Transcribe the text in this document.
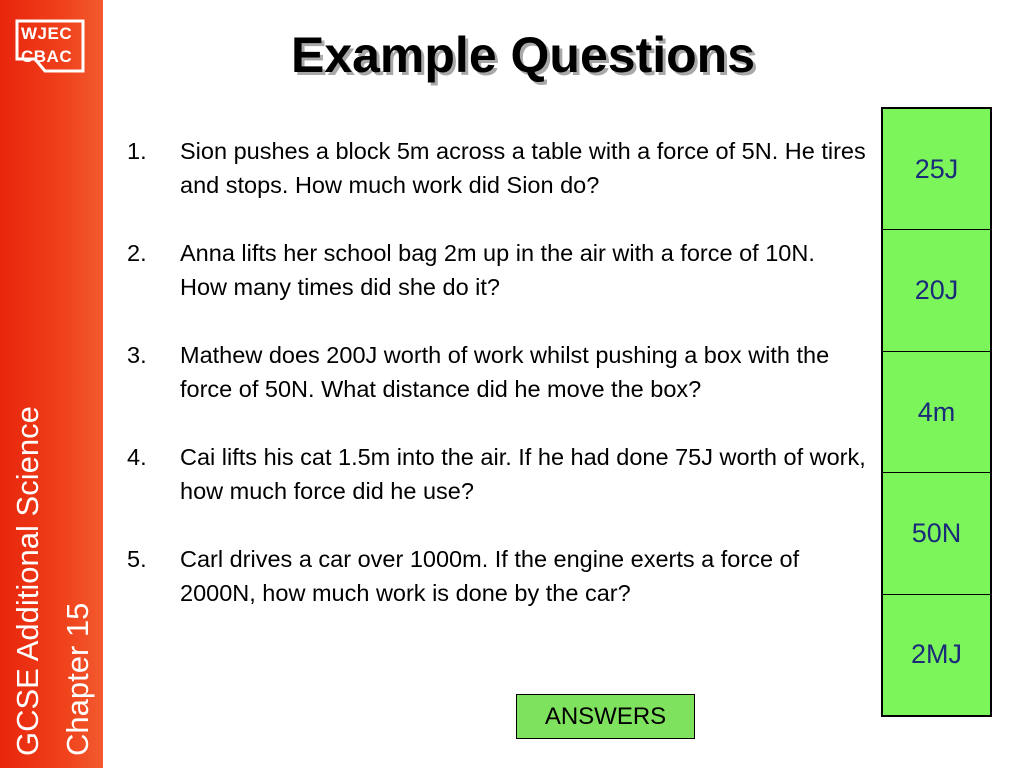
WJEC
CBAC
GCSE Additional Science Chapter 15
Example Questions
1. Sion pushes a block 5m across a table with a force of 5N. He tires and stops. How much work did Sion do?
2. Anna lifts her school bag 2m up in the air with a force of 10N. How many times did she do it?
3. Mathew does 200J worth of work whilst pushing a box with the force of 50N. What distance did he move the box?
4. Cai lifts his cat 1.5m into the air. If he had done 75J worth of work, how much force did he use?
5. Carl drives a car over 1000m. If the engine exerts a force of 2000N, how much work is done by the car?
25J
20J
4m
50N
2MJ
ANSWERS
